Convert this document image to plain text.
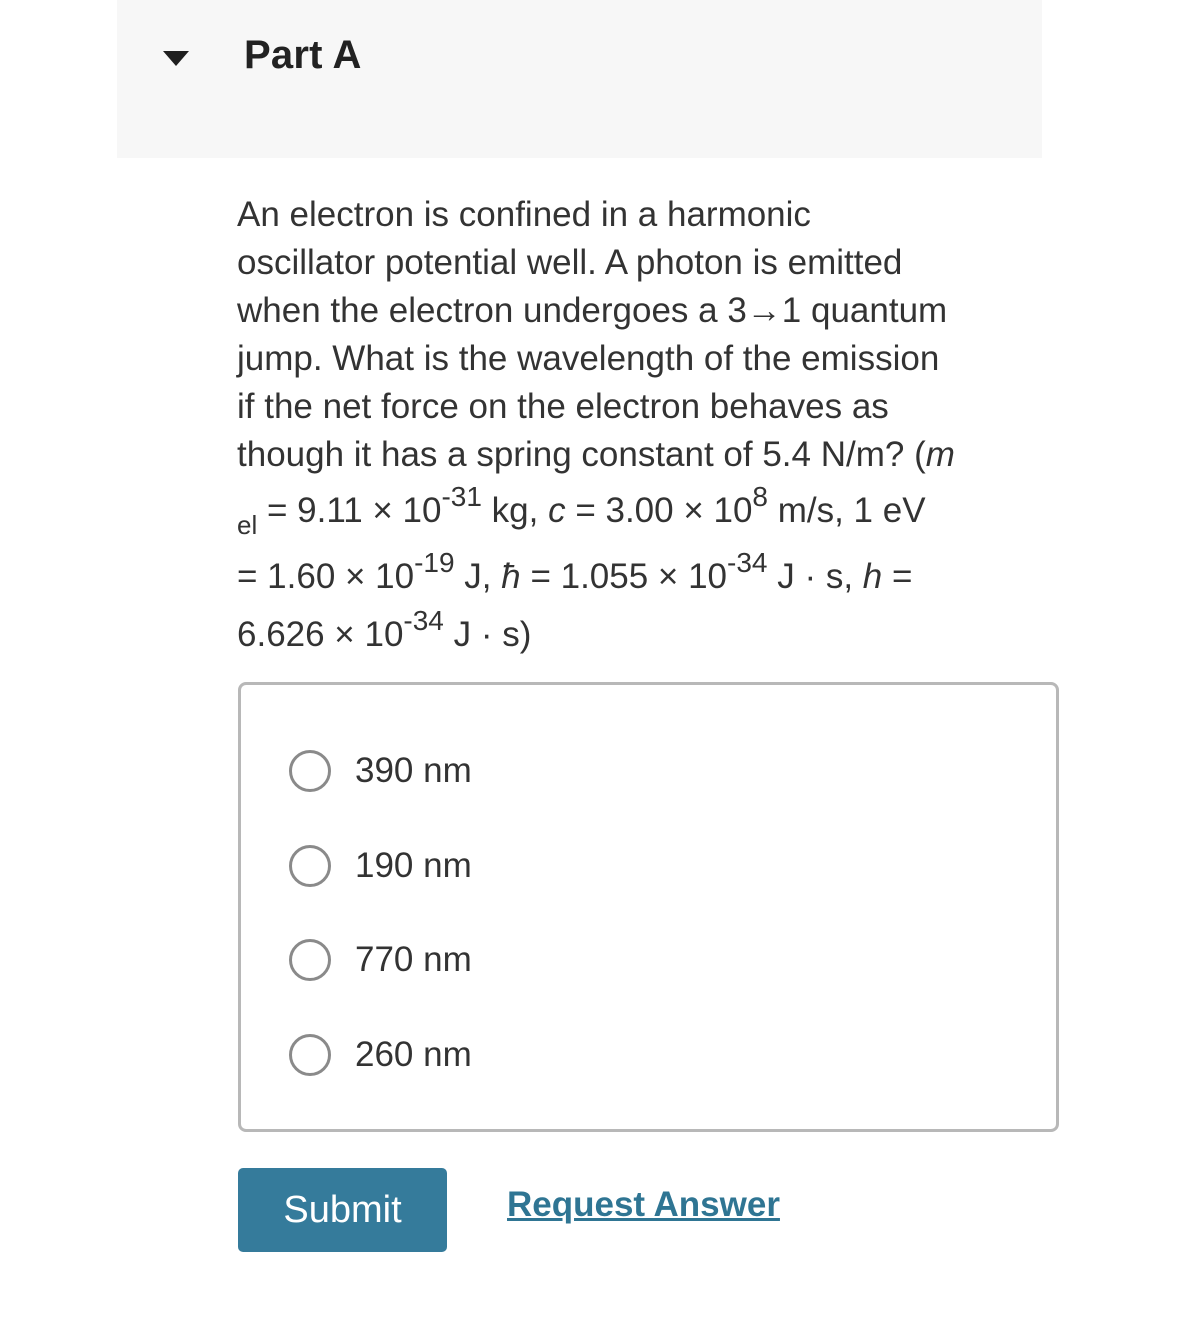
Part A
An electron is confined in a harmonic
oscillator potential well. A photon is emitted
when the electron undergoes a 3→1 quantum
jump. What is the wavelength of the emission
if the net force on the electron behaves as
though it has a spring constant of 5.4 N/m? (m
$_{el} = 9.11 \times 10^{-31}$ kg, $c = 3.00 \times 10^8$ m/s, 1 eV
= $1.60 \times 10^{-19}$ J, ħ = $1.055 \times 10^{-34}$ J · s, h =
$6.626 \times 10^{-34}$ J · s)
390 nm
190 nm
770 nm
260 nm
Submit	Request Answer
